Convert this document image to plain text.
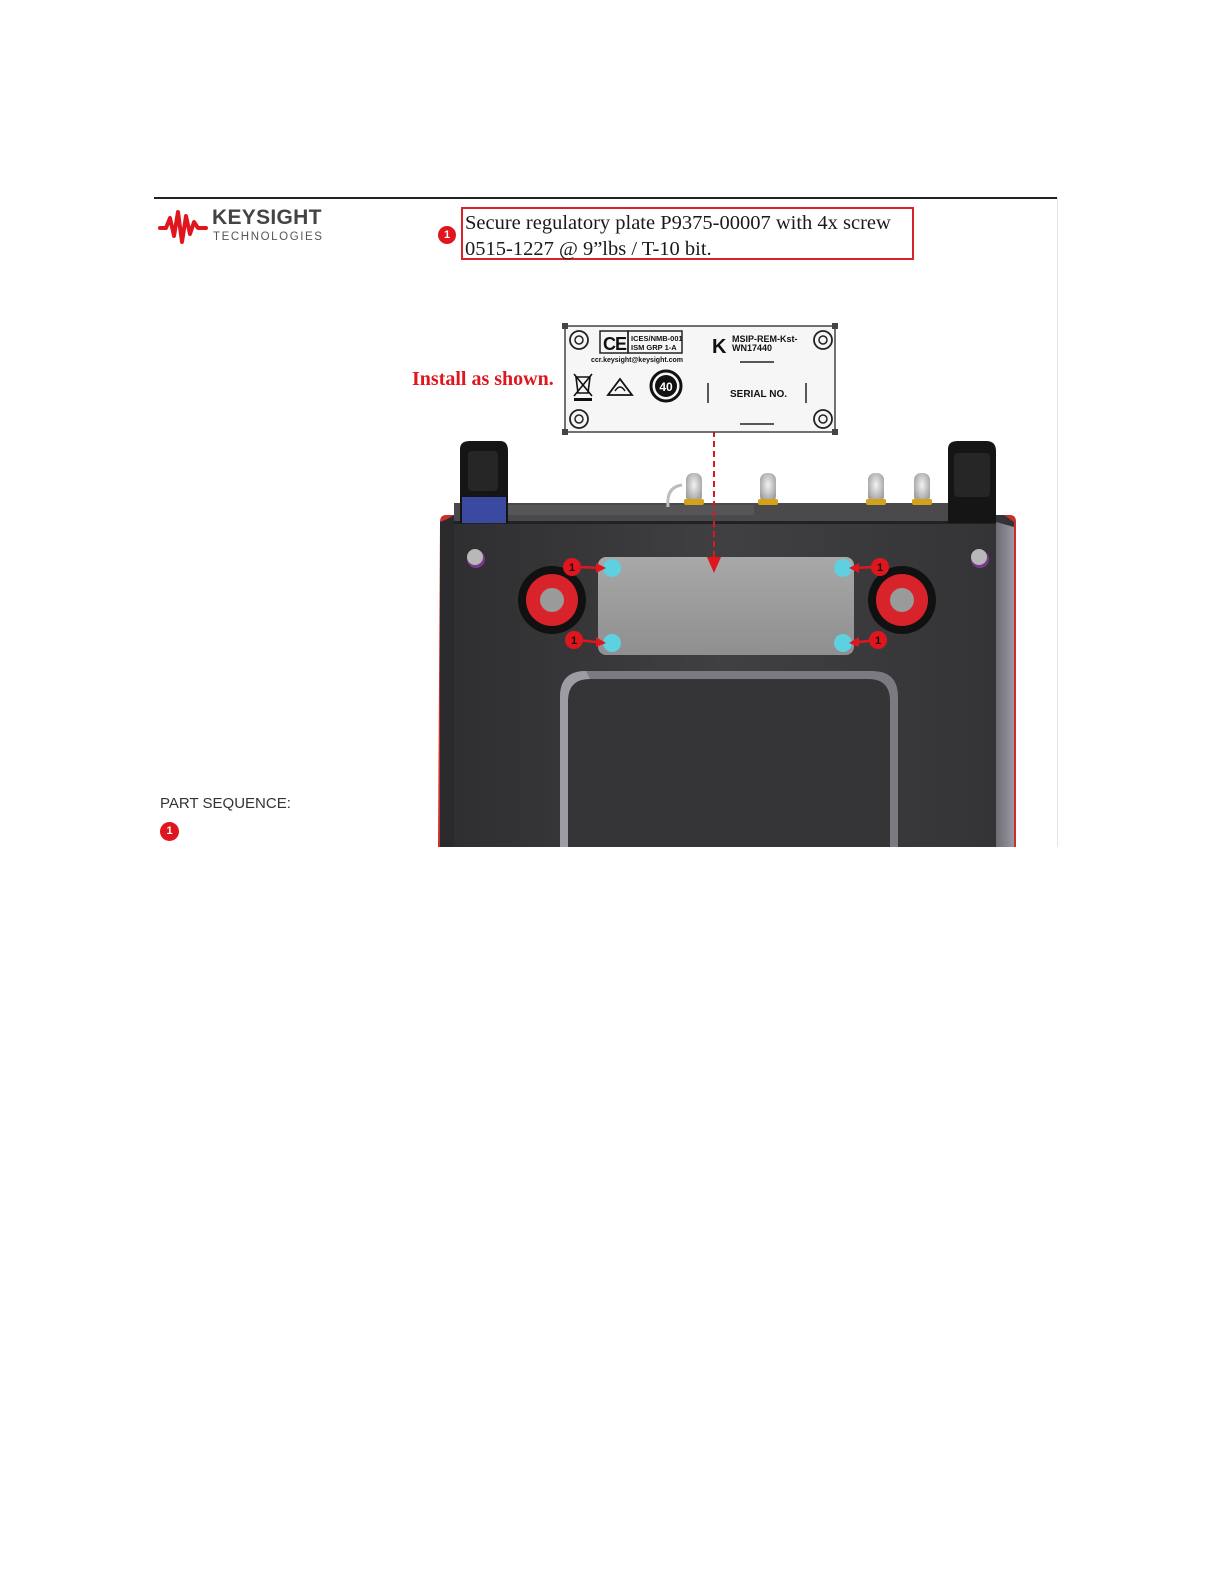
KEYSIGHT
TECHNOLOGIES	1
Secure regulatory plate P9375-00007 with 4x screw
0515-1227 @ 9”lbs / T-10 bit.
Install as shown.
1	1
1	1
C E ICES/NMB-001
ISM GRP 1-A
ccr.keysight@keysight.com
K MSIP-REM-Kst-
WN17440
40
SERIAL NO.
PART SEQUENCE:
1
